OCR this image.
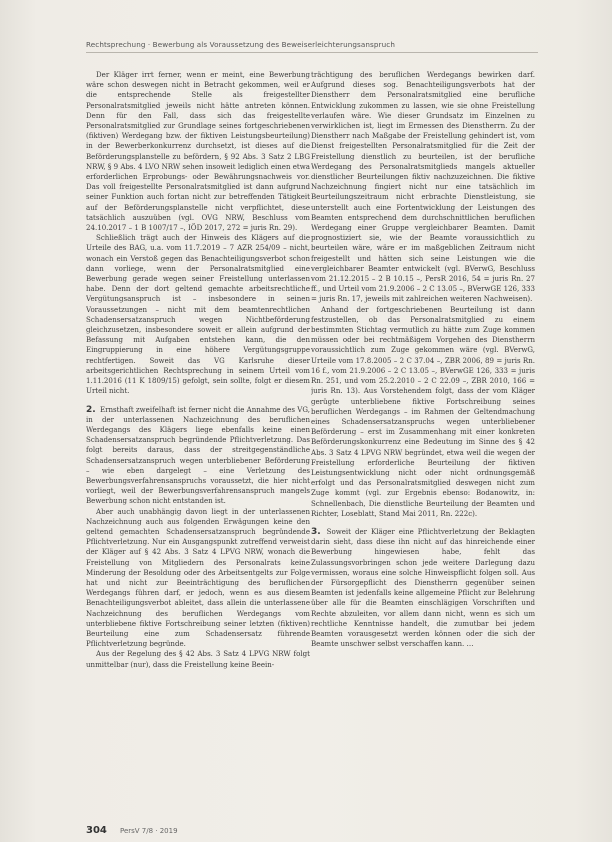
Rechtsprechung · Bewerbung als Voraussetzung des Beweiserleichterungsanspruch

Der Kläger irrt ferner, wenn er meint, eine Bewerbung wäre schon deswegen nicht in Betracht gekommen, weil er die entsprechende Stelle als freigestellter Personalratsmitglied jeweils nicht hätte antreten können. Denn für den Fall, dass sich das freigestellte Personalratsmitglied zur Grundlage seines fortgeschriebenen (fiktiven) Werdegang bzw. der fiktiven Leistungsbeurteilung) in der Bewerberkonkurrenz durchsetzt, ist dieses auf die Beförderungsplanstelle zu befördern, § 92 Abs. 3 Satz 2 LBG NRW, § 9 Abs. 4 LVO NRW sehen insoweit lediglich einen etwa erforderlichen Erprobungs- oder Bewährungsnachweis vor. Das voll freigestellte Personalratsmitglied ist dann aufgrund seiner Funktion auch fortan nicht zur betreffenden Tätigkeit auf der Beförderungsplanstelle nicht verpflichtet, diese tatsächlich auszuüben (vgl. OVG NRW, Beschluss vom 24.10.2017 – 1 B 1007/17 –, IÖD 2017, 272 = juris Rn. 29).

Schließlich trägt auch der Hinweis des Klägers auf die Urteile des BAG, u.a. vom 11.7.2019 – 7 AZR 254/09 – nicht, wonach ein Verstoß gegen das Benachteiligungsverbot schon dann vorliege, wenn der Personalratsmitglied eine Bewerbung gerade wegen seiner Freistellung unterlassen habe. Denn der dort geltend gemachte arbeitsrechtliche Vergütungsanspruch ist – insbesondere in seinen Voraussetzungen – nicht mit dem beamtenrechtlichen Schadensersatzanspruch wegen Nichtbeförderung gleichzusetzen, insbesondere soweit er allein aufgrund der Befassung mit Aufgaben entstehen kann, die den Eingruppierung in eine höhere Vergütungsgruppe rechtfertigen. Soweit das VG Karlsruhe dieser arbeitsgerichtlichen Rechtsprechung in seinem Urteil vom 1.11.2016 (11 K 1809/15) gefolgt, sein sollte, folgt er diesem Urteil nicht.

2. Ernsthaft zweifelhaft ist ferner nicht die Annahme des VG, in der unterlassenen Nachzeichnung des beruflichen Werdegangs des Klägers liege ebenfalls keine einen Schadensersatzanspruch begründende Pflichtverletzung. Das folgt bereits daraus, dass der streitgegenständliche Schadensersatzanspruch wegen unterbliebener Beförderung – wie eben dargelegt – eine Verletzung des Bewerbungsverfahrensanspruchs voraussetzt, die hier nicht vorliegt, weil der Bewerbungsverfahrensanspruch mangels Bewerbung schon nicht entstanden ist.

Aber auch unabhängig davon liegt in der unterlassenen Nachzeichnung auch aus folgenden Erwägungen keine den geltend gemachten Schadensersatzanspruch begründende Pflichtverletzung. Nur ein Ausgangspunkt zutreffend verweist der Kläger auf § 42 Abs. 3 Satz 4 LPVG NRW, wonach die Freistellung von Mitgliedern des Personalrats keine Minderung der Besoldung oder des Arbeitsentgelts zur Folge hat und nicht zur Beeinträchtigung des beruflichen Werdegangs führen darf, er jedoch, wenn es aus diesem Benachteiligungsverbot ableitet, dass allein die unterlassene Nachzeichnung des beruflichen Werdegangs vom unterbliebene fiktive Fortschreibung seiner letzten (fiktiven) Beurteilung eine zum Schadensersatz führende Pflichtverletzung begründe.

Aus der Regelung des § 42 Abs. 3 Satz 4 LPVG NRW folgt unmittelbar (nur), dass die Freistellung keine Beein-

trächtigung des beruflichen Werdegangs bewirken darf. Aufgrund dieses sog. Benachteiligungsverbots hat der Dienstherr dem Personalratsmitglied eine berufliche Entwicklung zukommen zu lassen, wie sie ohne Freistellung verlaufen wäre. Wie dieser Grundsatz im Einzelnen zu verwirklichen ist, liegt im Ermessen des Dienstherrn. Zu der Dienstherr nach Maßgabe der Freistellung gehindert ist, vom Dienst freigestellten Personalratsmitglied für die Zeit der Freistellung dienstlich zu beurteilen, ist der berufliche Werdegang des Personalratsmitglieds mangels aktueller dienstlicher Beurteilungen fiktiv nachzuzeichnen. Die fiktive Nachzeichnung fingiert nicht nur eine tatsächlich im Beurteilungszeitraum nicht erbrachte Dienstleistung, sie unterstellt auch eine Fortentwicklung der Leistungen des Beamten entsprechend dem durchschnittlichen beruflichen Werdegang einer Gruppe vergleichbarer Beamten. Damit prognostiziert sie, wie der Beamte voraussichtlich zu beurteilen wäre, wäre er im maßgeblichen Zeitraum nicht freigestellt und hätten sich seine Leistungen wie die vergleichbarer Beamter entwickelt (vgl. BVerwG, Beschluss vom 21.12.2015 – 2 B 10.15 –, PersR 2016, 54 = juris Rn. 27 ff., und Urteil vom 21.9.2006 – 2 C 13.05 –, BVerwGE 126, 333 = juris Rn. 17, jeweils mit zahlreichen weiteren Nachweisen).

Anhand der fortgeschriebenen Beurteilung ist dann festzustellen, ob das Personalratsmitglied zu einem bestimmten Stichtag vermutlich zu hätte zum Zuge kommen müssen oder bei rechtmäßigem Vorgehen des Dienstherrn voraussichtlich zum Zuge gekommen wäre (vgl. BVerwG, Urteile vom 17.8.2005 – 2 C 37.04 –, ZBR 2006, 89 = juris Rn. 16 f., vom 21.9.2006 – 2 C 13.05 –, BVerwGE 126, 333 = juris Rn. 251, und vom 25.2.2010 – 2 C 22.09 –, ZBR 2010, 166 = juris Rn. 13). Aus Vorstehendem folgt, dass der vom Kläger gerügte unterbliebene fiktive Fortschreibung seines beruflichen Werdegangs – im Rahmen der Geltendmachung eines Schadensersatzanspruchs wegen unterbliebener Beförderung – erst im Zusammenhang mit einer konkreten Beförderungskonkurrenz eine Bedeutung im Sinne des § 42 Abs. 3 Satz 4 LPVG NRW begründet, etwa weil die wegen der Freistellung erforderliche Beurteilung der fiktiven Leistungsentwicklung nicht oder nicht ordnungsgemäß erfolgt und das Personalratsmitglied deswegen nicht zum Zuge kommt (vgl. zur Ergebnis ebenso: Bodanowitz, in: Schnellenbach, Die dienstliche Beurteilung der Beamten und Richter, Loseblatt, Stand Mai 2011, Rn. 222c).

3. Soweit der Kläger eine Pflichtverletzung der Beklagten darin sieht, dass diese ihn nicht auf das hinreichende einer Bewerbung hingewiesen habe, fehlt das Zulassungsvorbringen schon jede weitere Darlegung dazu vermissen, woraus eine solche Hinweispflicht folgen soll. Aus der Fürsorgepflicht des Dienstherrn gegenüber seinen Beamten ist jedenfalls keine allgemeine Pflicht zur Belehrung über alle für die Beamten einschlägigen Vorschriften und Rechte abzuleiten, vor allem dann nicht, wenn es sich um rechtliche Kenntnisse handelt, die zumutbar bei jedem Beamten vorausgesetzt werden können oder die sich der Beamte unschwer selbst verschaffen kann. …

304 PersV 7/8 · 2019
